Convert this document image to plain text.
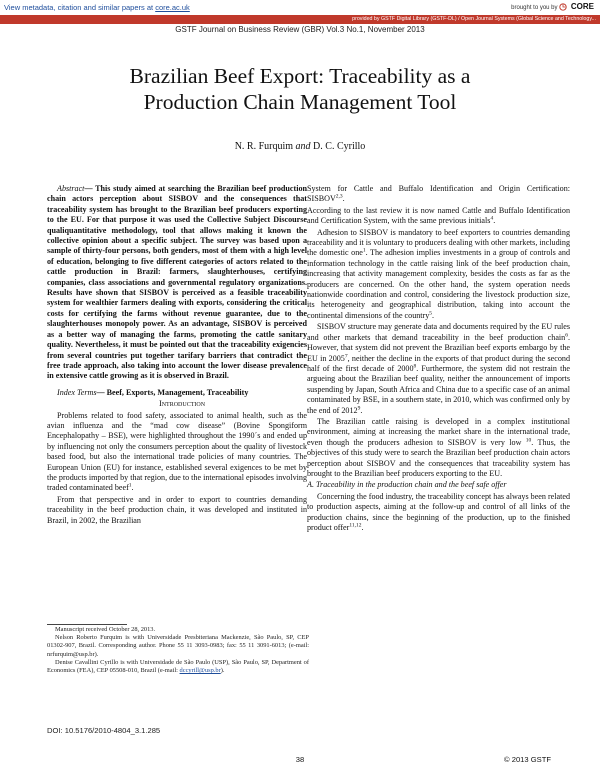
View metadata, citation and similar papers at core.ac.uk	brought to you by CORE
provided by GSTF Digital Library (GSTF-DL) / Open Journal Systems (Global Science and Technology...
GSTF Journal on Business Review (GBR) Vol.3 No.1, November 2013
Brazilian Beef Export: Traceability as a
Production Chain Management Tool
N. R. Furquim and D. C. Cyrillo

Abstract— This study aimed at searching the Brazilian beef production chain actors perception about SISBOV and the consequences that traceability system has brought to the Brazilian beef producers exporting to the EU. For that purpose it was used the Collective Subject Discourse qualiquantitative methodology, tool that allows making it known the collective opinion about a specific subject. The survey was based upon a sample of thirty-four persons, both genders, most of them with a high level of education, belonging to five different categories of actors related to the cattle production in Brazil: farmers, slaughterhouses, certifying companies, class associations and governmental regulatory organizations. Results have shown that SISBOV is perceived as a feasible traceability system for wealthier farmers dealing with exports, considering the critical costs for certifying the farms without revenue guarantee, due to the slaughterhouses monopoly power. As an advantage, SISBOV is perceived as a better way of managing the farms, promoting the cattle sanitary quality. Nevertheless, it must be pointed out that the traceability exigencies from several countries put together tarifary barriers that contradict the free trade approach, also taking into account the lower disease prevalence in extensive cattle growing as it is observed in Brazil.

Index Terms— Beef, Exports, Management, Traceability

Introduction

Problems related to food safety, associated to animal health, such as the avian influenza and the “mad cow disease” (Bovine Spongiform Encephalopathy – BSE), were highlighted throughout the 1990´s and ended up by influencing not only the consumers perception about the quality of livestock based food, but also the international trade policies of many countries. The European Union (EU) for instance, established several exigences to be met by the products imported by that region, due to the international episodes involving traded contaminated beef$^1$.

From that perspective and in order to export to countries demanding traceability in the beef production chain, it was developed and instituted in Brazil, in 2002, the Brazilian

System for Cattle and Buffalo Identification and Origin Certification: SISBOV$^{2,3}$.

According to the last review it is now named Cattle and Buffalo Identification and Certification System, with the same previous initials$^4$.

Adhesion to SISBOV is mandatory to beef exporters to countries demanding traceability and it is voluntary to producers dealing with other markets, including the domestic one$^1$. The adhesion implies investments in a group of controls and information technology in the cattle raising link of the beef production chain, increasing that activity management complexity, besides the costs as far as the producers are concerned. On the other hand, the system operation needs nationwide coordination and control, considering the livestock production size, its heterogeneity and geographical distribution, taking into account the continental dimensions of the country$^5$.

SISBOV structure may generate data and documents required by the EU rules and other markets that demand traceability in the beef production chain$^6$. However, that system did not prevent the Brazilian beef exports embargo by the EU in 2005$^7$, neither the decline in the exports of that product during the second half of the first decade of 2000$^8$. Furthermore, the system did not restrain the argueing about the Brazilian beef quality, neither the announcement of imports suspending by Japan, South Africa and China due to a specific case of an animal contaminated by BSE, in a southern state, in 2010, which was confirmed only by the end of 2012$^9$.

The Brazilian cattle raising is developed in a complex institutional environment, aiming at increasing the market share in the international trade, even though the producers adhesion to SISBOV is very low $^{10}$. Thus, the objectives of this study were to search the Brazilian beef production chain actors perception about SISBOV and the consequences that traceability system has brought to the Brazilian beef producers exporting to the EU.

A. Traceability in the production chain and the beef safe offer

Concerning the food industry, the traceability concept has always been related to production aspects, aiming at the follow-up and control of all links of the production chains, since the beginning of the production, up to the finished product offer$^{11,12}$.

Manuscript received October 28, 2013.

Nelson Roberto Furquim is with Universidade Presbiteriana Mackenzie, São Paulo, SP, CEP 01302-907, Brazil. Corresponding author. Phone 55 11 3093-0983; fax: 55 11 3091-6013; (e-mail: nrfurquim@usp.br).

Denise Cavallini Cyrillo is with Universidade de São Paulo (USP), São Paulo, SP, Department of Economics (FEA), CEP 05508-010, Brazil (e-mail: dccyrill@usp.br).

DOI: 10.5176/2010-4804_3.1.285
38	© 2013 GSTF
